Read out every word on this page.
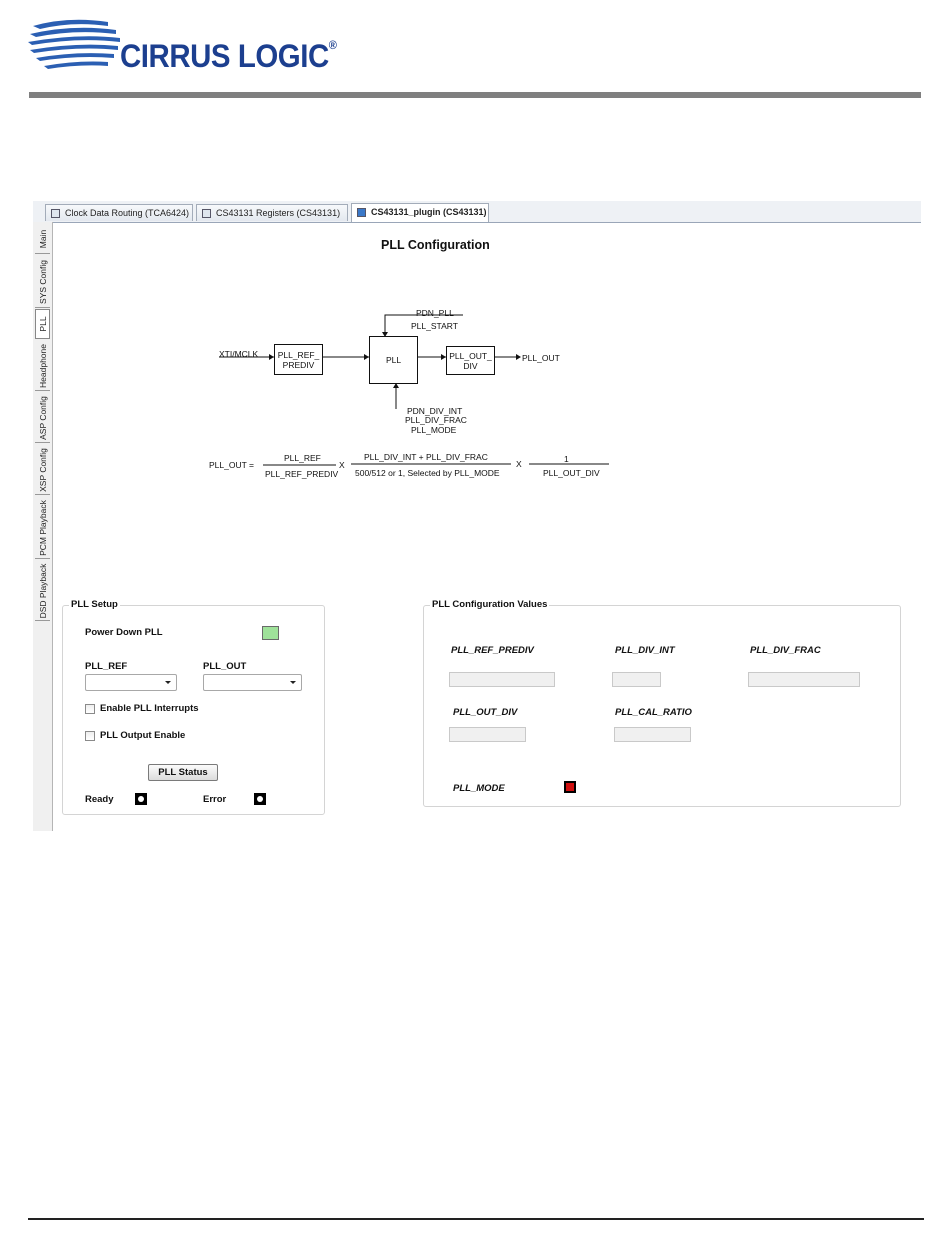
CIRRUS LOGIC®
Clock Data Routing (TCA6424)	CS43131 Registers (CS43131)	CS43131_plugin (CS43131)
Main
SYS Config
PLL
Headphone
ASP Config
XSP Config
PCM Playback
DSD Playback
PLL Configuration
XTI/MCLK	PLL_REF_
PREDIV	PLL	PLL_OUT_
DIV
PLL_OUT
PDN_PLL
PLL_START
PDN_DIV_INT
PLL_DIV_FRAC
PLL_MODE
PLL_OUT =
PLL_REF
PLL_REF_PREDIV
X
PLL_DIV_INT + PLL_DIV_FRAC
500/512 or 1, Selected by PLL_MODE
X	1
PLL_OUT_DIV
PLL Setup
Power Down PLL
PLL_REF	PLL_OUT
Enable PLL Interrupts
PLL Output Enable
PLL Status
Ready	Error
PLL Configuration Values
PLL_REF_PREDIV	PLL_DIV_INT	PLL_DIV_FRAC
PLL_OUT_DIV	PLL_CAL_RATIO
PLL_MODE
